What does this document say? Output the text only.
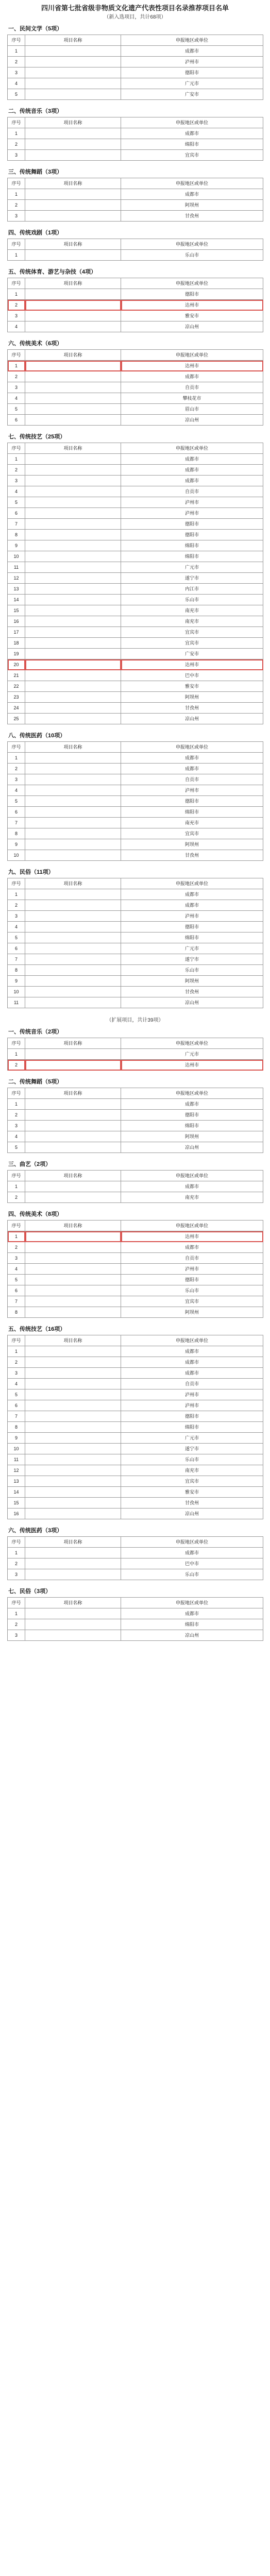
四川省第七批省级非物质文化遗产代表性项目名录推荐项目名单
（新入选项目，共计68项）
一、民间文学（5项）
序号	项目名称	申报地区或单位
1		成都市
2		泸州市
3		德阳市
4		广元市
5		广安市
二、传统音乐（3项）
序号	项目名称	申报地区或单位
1		成都市
2		绵阳市
3		宜宾市
三、传统舞蹈（3项）
序号	项目名称	申报地区或单位
1		成都市
2		阿坝州
3		甘孜州
四、传统戏剧（1项）
序号	项目名称	申报地区或单位
1		乐山市
五、传统体育、游艺与杂技（4项）
序号	项目名称	申报地区或单位
1		德阳市
2		达州市
3		雅安市
4		凉山州
六、传统美术（6项）
序号	项目名称	申报地区或单位
1		达州市
2		成都市
3		自贡市
4		攀枝花市
5		眉山市
6		凉山州
七、传统技艺（25项）
序号	项目名称	申报地区或单位
1		成都市
2		成都市
3		成都市
4		自贡市
5		泸州市
6		泸州市
7		德阳市
8		德阳市
9		绵阳市
10		绵阳市
11		广元市
12		遂宁市
13		内江市
14		乐山市
15		南充市
16		南充市
17		宜宾市
18		宜宾市
19		广安市
20		达州市
21		巴中市
22		雅安市
23		阿坝州
24		甘孜州
25		凉山州
八、传统医药（10项）
序号	项目名称	申报地区或单位
1		成都市
2		成都市
3		自贡市
4		泸州市
5		德阳市
6		绵阳市
7		南充市
8		宜宾市
9		阿坝州
10		甘孜州
九、民俗（11项）
序号	项目名称	申报地区或单位
1		成都市
2		成都市
3		泸州市
4		德阳市
5		绵阳市
6		广元市
7		遂宁市
8		乐山市
9		阿坝州
10		甘孜州
11		凉山州
（扩展项目，共计39项）
一、传统音乐（2项）
序号	项目名称	申报地区或单位
1		广元市
2		达州市
二、传统舞蹈（5项）
序号	项目名称	申报地区或单位
1		成都市
2		德阳市
3		绵阳市
4		阿坝州
5		凉山州
三、曲艺（2项）
序号	项目名称	申报地区或单位
1		成都市
2		南充市
四、传统美术（8项）
序号	项目名称	申报地区或单位
1		达州市
2		成都市
3		自贡市
4		泸州市
5		德阳市
6		乐山市
7		宜宾市
8		阿坝州
五、传统技艺（16项）
序号	项目名称	申报地区或单位
1		成都市
2		成都市
3		成都市
4		自贡市
5		泸州市
6		泸州市
7		德阳市
8		绵阳市
9		广元市
10		遂宁市
11		乐山市
12		南充市
13		宜宾市
14		雅安市
15		甘孜州
16		凉山州
六、传统医药（3项）
序号	项目名称	申报地区或单位
1		成都市
2		巴中市
3		乐山市
七、民俗（3项）
序号	项目名称	申报地区或单位
1		成都市
2		绵阳市
3		凉山州
